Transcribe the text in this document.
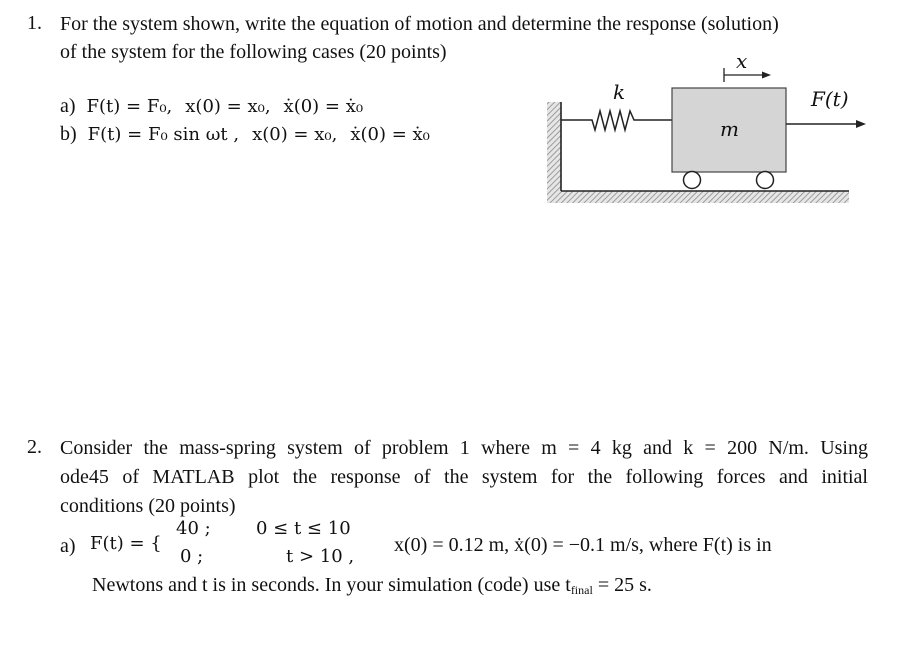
1. For the system shown, write the equation of motion and determine the response (solution)
of the system for the following cases (20 points)
a) F(t) = F₀, x(0) = x₀, ẋ(0) = ẋ₀
b) F(t) = F₀ sin ωt , x(0) = x₀, ẋ(0) = ẋ₀
k
m
x
F(t)
2. Consider the mass-spring system of problem 1 where m = 4 kg and k = 200 N/m. Using
ode45 of MATLAB plot the response of the system for the following forces and initial
conditions (20 points)
a) F(t) = {
40 ;	0 ≤ t ≤ 10
0 ;	t > 10 ,
x(0) = 0.12 m, ẋ(0) = −0.1 m/s, where F(t) is in
Newtons and t is in seconds. In your simulation (code) use $t_{final} = 25$ s.
